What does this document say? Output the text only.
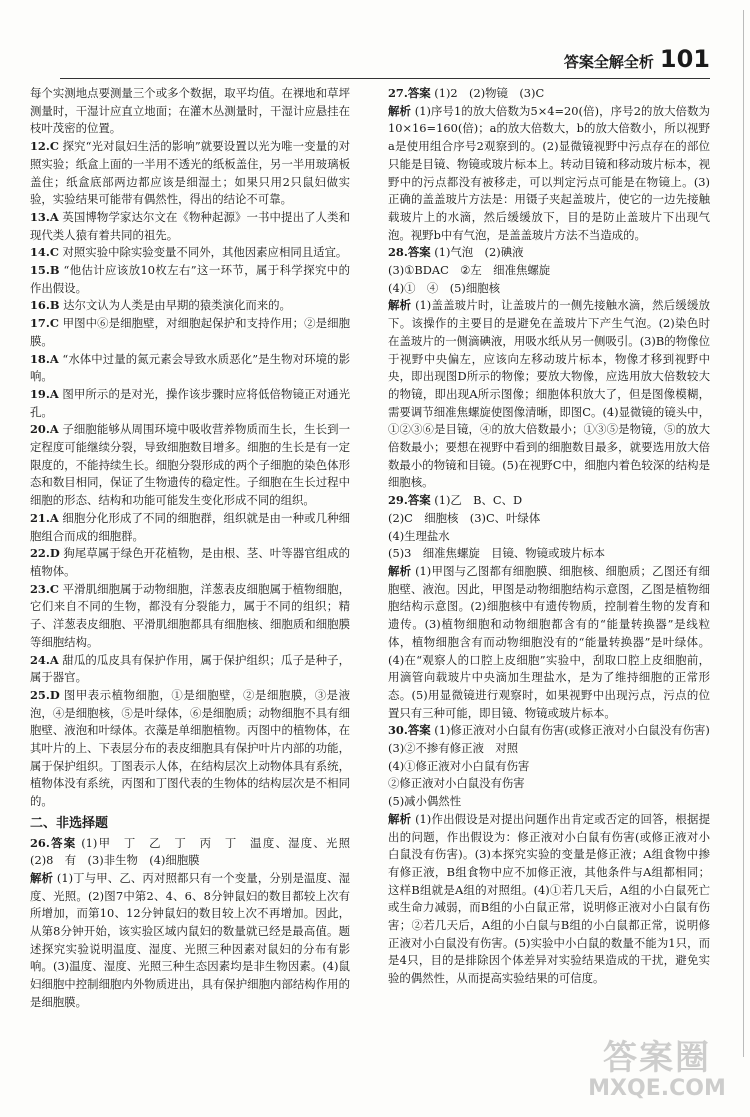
答案全解全析 101
每个实测地点要测量三个或多个数据，取平均值。在裸地和草坪测量时，干湿计应直立地面；在灌木丛测量时，干湿计应悬挂在枝叶茂密的位置。
12.C 探究“光对鼠妇生活的影响”就要设置以光为唯一变量的对照实验；纸盒上面的一半用不透光的纸板盖住，另一半用玻璃板盖住；纸盒底部两边都应该是细湿土；如果只用2只鼠妇做实验，实验结果可能带有偶然性，得出的结论不可靠。
13.A 英国博物学家达尔文在《物种起源》一书中提出了人类和现代类人猿有着共同的祖先。
14.C 对照实验中除实验变量不同外，其他因素应相同且适宜。
15.B “他估计应该放10枚左右”这一环节，属于科学探究中的作出假设。
16.B 达尔文认为人类是由早期的猿类演化而来的。
17.C 甲图中⑥是细胞壁，对细胞起保护和支持作用；②是细胞膜。
18.A “水体中过量的氮元素会导致水质恶化”是生物对环境的影响。
19.A 图甲所示的是对光，操作该步骤时应将低倍物镜正对通光孔。
20.A 子细胞能够从周围环境中吸收营养物质而生长，生长到一定程度可能继续分裂，导致细胞数目增多。细胞的生长是有一定限度的，不能持续生长。细胞分裂形成的两个子细胞的染色体形态和数目相同，保证了生物遗传的稳定性。子细胞在生长过程中细胞的形态、结构和功能可能发生变化形成不同的组织。
21.A 细胞分化形成了不同的细胞群，组织就是由一种或几种细胞组合而成的细胞群。
22.D 狗尾草属于绿色开花植物，是由根、茎、叶等器官组成的植物体。
23.C 平滑肌细胞属于动物细胞，洋葱表皮细胞属于植物细胞，它们来自不同的生物，都没有分裂能力，属于不同的组织；精子、洋葱表皮细胞、平滑肌细胞都具有细胞核、细胞质和细胞膜等细胞结构。
24.A 甜瓜的瓜皮具有保护作用，属于保护组织；瓜子是种子，属于器官。
25.D 图甲表示植物细胞，①是细胞壁，②是细胞膜，③是液泡，④是细胞核，⑤是叶绿体，⑥是细胞质；动物细胞不具有细胞壁、液泡和叶绿体。衣藻是单细胞植物。丙图中的植物体，在其叶片的上、下表层分布的表皮细胞具有保护叶片内部的功能，属于保护组织。丁图表示人体，在结构层次上动物体具有系统，植物体没有系统，丙图和丁图代表的生物体的结构层次是不相同的。
二、非选择题
26.答案 (1)甲　丁　乙　丁　丙　丁　温度、湿度、光照　(2)8　有　(3)非生物　(4)细胞膜
解析 (1)丁与甲、乙、丙对照都只有一个变量，分别是温度、湿度、光照。(2)图7中第2、4、6、8分钟鼠妇的数目都较上次有所增加，而第10、12分钟鼠妇的数目较上次不再增加。因此，从第8分钟开始，该实验区域内鼠妇的数量就已经是最高值。题述探究实验说明温度、湿度、光照三种因素对鼠妇的分布有影响。(3)温度、湿度、光照三种生态因素均是非生物因素。(4)鼠妇细胞中控制细胞内外物质进出，具有保护细胞内部结构作用的是细胞膜。
27.答案 (1)2　(2)物镜　(3)C
解析 (1)序号1的放大倍数为5×4=20(倍)，序号2的放大倍数为10×16=160(倍)；a的放大倍数大，b的放大倍数小，所以视野a是使用组合序号2观察到的。(2)显微镜视野中污点存在的部位只能是目镜、物镜或玻片标本上。转动目镜和移动玻片标本，视野中的污点都没有被移走，可以判定污点可能是在物镜上。(3)正确的盖盖玻片方法是：用镊子夹起盖玻片，使它的一边先接触载玻片上的水滴，然后缓缓放下，目的是防止盖玻片下出现气泡。视野b中有气泡，是盖盖玻片方法不当造成的。
28.答案 (1)气泡　(2)碘液
(3)①BDAC　②左　细准焦螺旋
(4)①　④　(5)细胞核
解析 (1)盖盖玻片时，让盖玻片的一侧先接触水滴，然后缓缓放下。该操作的主要目的是避免在盖玻片下产生气泡。(2)染色时在盖玻片的一侧滴碘液，用吸水纸从另一侧吸引。(3)B的物像位于视野中央偏左，应该向左移动玻片标本，物像才移到视野中央，即出现图D所示的物像；要放大物像，应选用放大倍数较大的物镜，即出现A所示图像；细胞体积放大了，但是图像模糊，需要调节细准焦螺旋使图像清晰，即图C。(4)显微镜的镜头中，①②③⑥是目镜，④的放大倍数最小；①③⑤是物镜，⑤的放大倍数最小；要想在视野中看到的细胞数目最多，就要选用放大倍数最小的物镜和目镜。(5)在视野C中，细胞内着色较深的结构是细胞核。
29.答案 (1)乙　B、C、D
(2)C　细胞核　(3)C、叶绿体
(4)生理盐水
(5)3　细准焦螺旋　目镜、物镜或玻片标本
解析 (1)甲图与乙图都有细胞膜、细胞核、细胞质；乙图还有细胞壁、液泡。因此，甲图是动物细胞结构示意图，乙图是植物细胞结构示意图。(2)细胞核中有遗传物质，控制着生物的发育和遗传。(3)植物细胞和动物细胞都含有的“能量转换器”是线粒体，植物细胞含有而动物细胞没有的“能量转换器”是叶绿体。(4)在“观察人的口腔上皮细胞”实验中，刮取口腔上皮细胞前，用滴管向载玻片中央滴加生理盐水，是为了维持细胞的正常形态。(5)用显微镜进行观察时，如果视野中出现污点，污点的位置只有三种可能，即目镜、物镜或玻片标本。
30.答案 (1)修正液对小白鼠有伤害(或修正液对小白鼠没有伤害)
(3)②不掺有修正液　对照
(4)①修正液对小白鼠有伤害
②修正液对小白鼠没有伤害
(5)减小偶然性
解析 (1)作出假设是对提出问题作出肯定或否定的回答，根据提出的问题，作出假设为：修正液对小白鼠有伤害(或修正液对小白鼠没有伤害)。(3)本探究实验的变量是修正液；A组食物中掺有修正液，B组食物中应不加修正液，其他条件与A组都相同；这样B组就是A组的对照组。(4)①若几天后，A组的小白鼠死亡或生命力减弱，而B组的小白鼠正常，说明修正液对小白鼠有伤害；②若几天后，A组的小白鼠与B组的小白鼠都正常，说明修正液对小白鼠没有伤害。(5)实验中小白鼠的数量不能为1只，而是4只，目的是排除因个体差异对实验结果造成的干扰，避免实验的偶然性，从而提高实验结果的可信度。
答案圈
MXQE.COM
